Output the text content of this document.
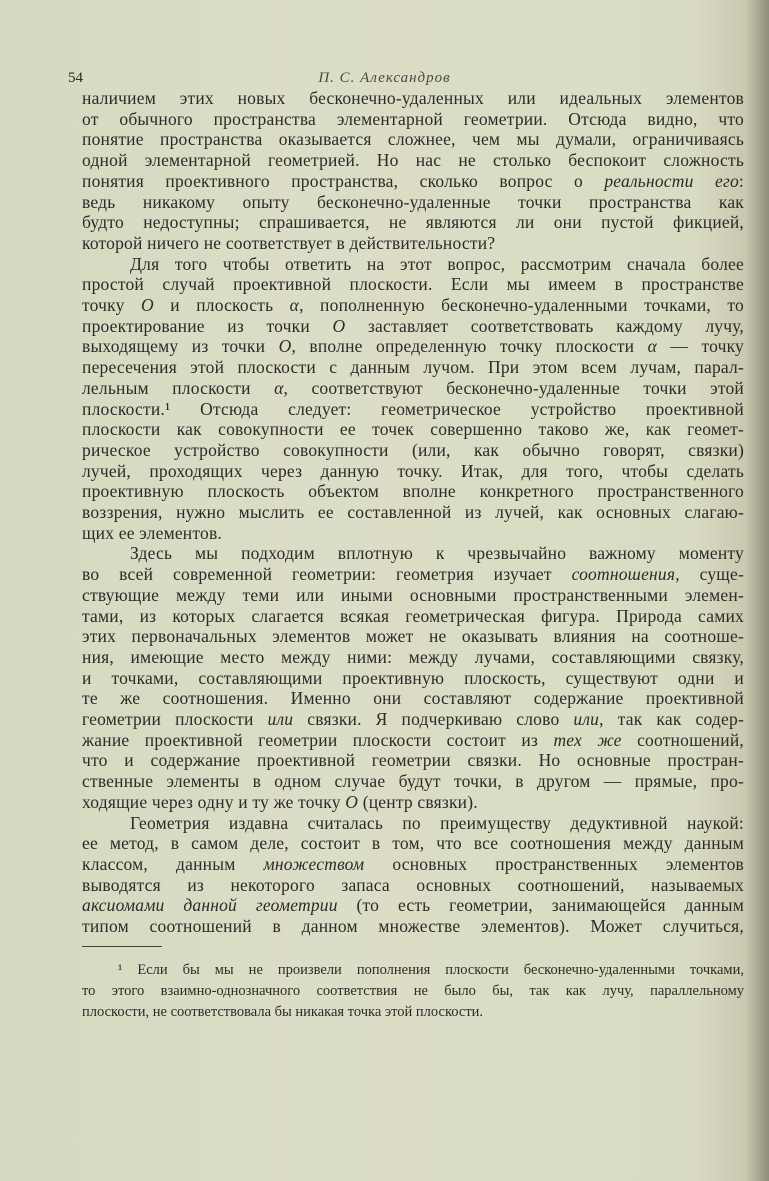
54	П. С. Александров
наличием этих новых бесконечно-удаленных или идеальных элементов
от обычного пространства элементарной геометрии. Отсюда видно, что
понятие пространства оказывается сложнее, чем мы думали, ограничиваясь
одной элементарной геометрией. Но нас не столько беспокоит сложность
понятия проективного пространства, сколько вопрос о реальности его:
ведь никакому опыту бесконечно-удаленные точки пространства как
будто недоступны; спрашивается, не являются ли они пустой фикцией,
которой ничего не соответствует в действительности?
Для того чтобы ответить на этот вопрос, рассмотрим сначала более
простой случай проективной плоскости. Если мы имеем в пространстве
точку O и плоскость α, пополненную бесконечно-удаленными точками, то
проектирование из точки O заставляет соответствовать каждому лучу,
выходящему из точки O, вполне определенную точку плоскости α — точку
пересечения этой плоскости с данным лучом. При этом всем лучам, парал-
лельным плоскости α, соответствуют бесконечно-удаленные точки этой
плоскости.¹ Отсюда следует: геометрическое устройство проективной
плоскости как совокупности ее точек совершенно таково же, как геомет-
рическое устройство совокупности (или, как обычно говорят, связки)
лучей, проходящих через данную точку. Итак, для того, чтобы сделать
проективную плоскость объектом вполне конкретного пространственного
воззрения, нужно мыслить ее составленной из лучей, как основных слагаю-
щих ее элементов.
Здесь мы подходим вплотную к чрезвычайно важному моменту
во всей современной геометрии: геометрия изучает соотношения, суще-
ствующие между теми или иными основными пространственными элемен-
тами, из которых слагается всякая геометрическая фигура. Природа самих
этих первоначальных элементов может не оказывать влияния на соотноше-
ния, имеющие место между ними: между лучами, составляющими связку,
и точками, составляющими проективную плоскость, существуют одни и
те же соотношения. Именно они составляют содержание проективной
геометрии плоскости или связки. Я подчеркиваю слово или, так как содер-
жание проективной геометрии плоскости состоит из тех же соотношений,
что и содержание проективной геометрии связки. Но основные простран-
ственные элементы в одном случае будут точки, в другом — прямые, про-
ходящие через одну и ту же точку O (центр связки).
Геометрия издавна считалась по преимуществу дедуктивной наукой:
ее метод, в самом деле, состоит в том, что все соотношения между данным
классом, данным множеством основных пространственных элементов
выводятся из некоторого запаса основных соотношений, называемых
аксиомами данной геометрии (то есть геометрии, занимающейся данным
типом соотношений в данном множестве элементов). Может случиться,
¹ Если бы мы не произвели пополнения плоскости бесконечно-удаленными точками,
то этого взаимно-однозначного соответствия не было бы, так как лучу, параллельному
плоскости, не соответствовала бы никакая точка этой плоскости.
